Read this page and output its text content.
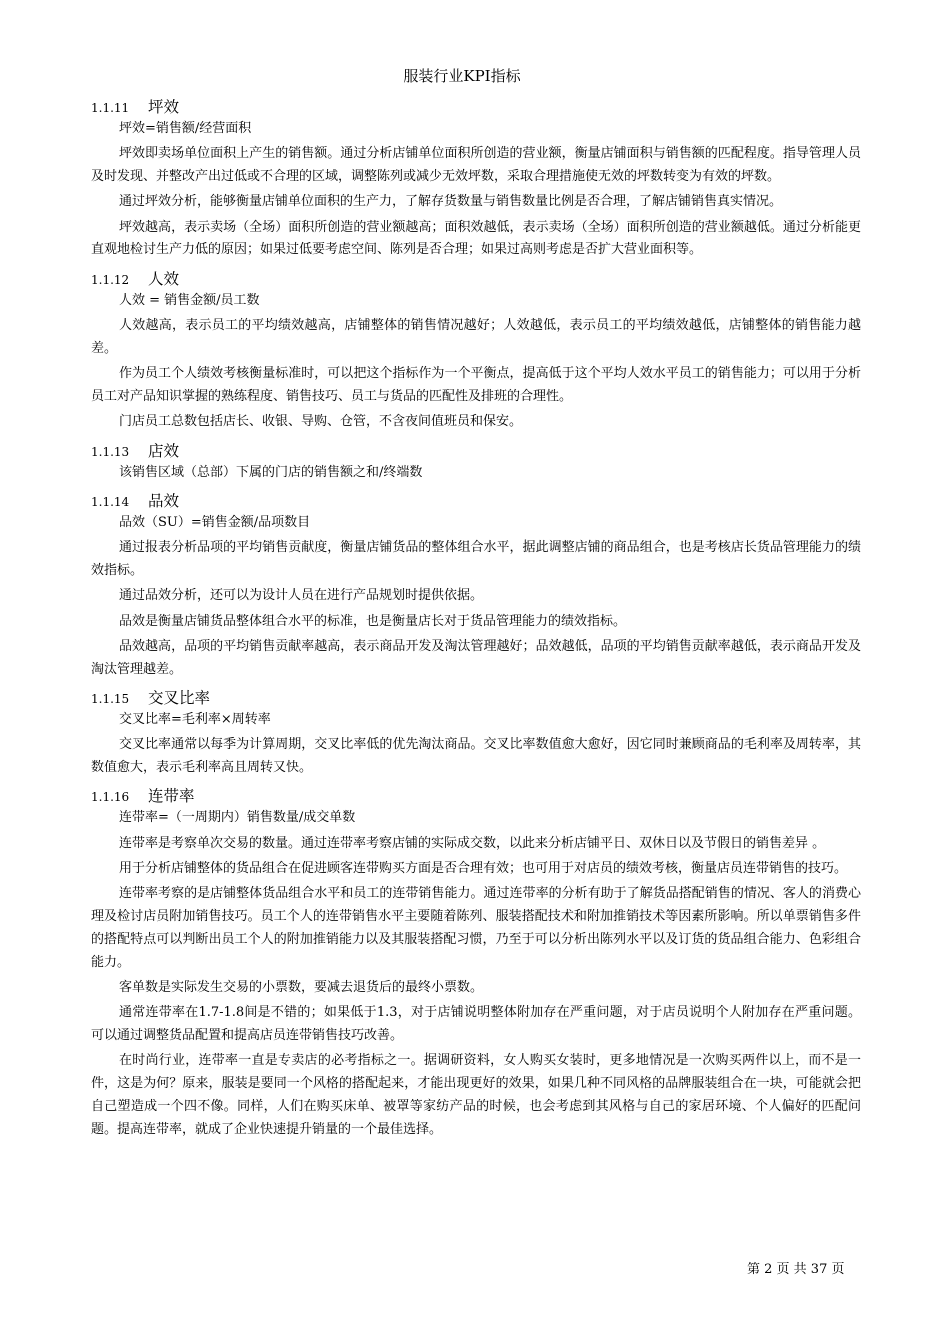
服装行业KPI指标
1.1.11	坪效

坪效=销售额/经营面积

坪效即卖场单位面积上产生的销售额。通过分析店铺单位面积所创造的营业额，衡量店铺面积与销售额的匹配程度。指导管理人员及时发现、并整改产出过低或不合理的区域，调整陈列或减少无效坪数，采取合理措施使无效的坪数转变为有效的坪数。

通过坪效分析，能够衡量店铺单位面积的生产力，了解存货数量与销售数量比例是否合理，了解店铺销售真实情况。

坪效越高，表示卖场（全场）面积所创造的营业额越高；面积效越低，表示卖场（全场）面积所创造的营业额越低。通过分析能更直观地检讨生产力低的原因；如果过低要考虑空间、陈列是否合理；如果过高则考虑是否扩大营业面积等。

1.1.12	人效

人效 = 销售金额/员工数

人效越高，表示员工的平均绩效越高，店铺整体的销售情况越好；人效越低，表示员工的平均绩效越低，店铺整体的销售能力越差。

作为员工个人绩效考核衡量标准时，可以把这个指标作为一个平衡点，提高低于这个平均人效水平员工的销售能力；可以用于分析员工对产品知识掌握的熟练程度、销售技巧、员工与货品的匹配性及排班的合理性。

门店员工总数包括店长、收银、导购、仓管，不含夜间值班员和保安。

1.1.13	店效

该销售区域（总部）下属的门店的销售额之和/终端数

1.1.14	品效

品效（SU）=销售金额/品项数目

通过报表分析品项的平均销售贡献度，衡量店铺货品的整体组合水平，据此调整店铺的商品组合，也是考核店长货品管理能力的绩效指标。

通过品效分析，还可以为设计人员在进行产品规划时提供依据。

品效是衡量店铺货品整体组合水平的标准，也是衡量店长对于货品管理能力的绩效指标。

品效越高，品项的平均销售贡献率越高，表示商品开发及淘汰管理越好；品效越低，品项的平均销售贡献率越低，表示商品开发及淘汰管理越差。

1.1.15	交叉比率

交叉比率=毛利率×周转率

交叉比率通常以每季为计算周期，交叉比率低的优先淘汰商品。交叉比率数值愈大愈好，因它同时兼顾商品的毛利率及周转率，其数值愈大，表示毛利率高且周转又快。

1.1.16	连带率

连带率=（一周期内）销售数量/成交单数

连带率是考察单次交易的数量。通过连带率考察店铺的实际成交数，以此来分析店铺平日、双休日以及节假日的销售差异 。

用于分析店铺整体的货品组合在促进顾客连带购买方面是否合理有效；也可用于对店员的绩效考核，衡量店员连带销售的技巧。

连带率考察的是店铺整体货品组合水平和员工的连带销售能力。通过连带率的分析有助于了解货品搭配销售的情况、客人的消费心理及检讨店员附加销售技巧。员工个人的连带销售水平主要随着陈列、服装搭配技术和附加推销技术等因素所影响。所以单票销售多件的搭配特点可以判断出员工个人的附加推销能力以及其服装搭配习惯，乃至于可以分析出陈列水平以及订货的货品组合能力、色彩组合能力。

客单数是实际发生交易的小票数，要减去退货后的最终小票数。

通常连带率在1.7-1.8间是不错的；如果低于1.3，对于店铺说明整体附加存在严重问题，对于店员说明个人附加存在严重问题。可以通过调整货品配置和提高店员连带销售技巧改善。

在时尚行业，连带率一直是专卖店的必考指标之一。据调研资料，女人购买女装时，更多地情况是一次购买两件以上，而不是一件，这是为何？原来，服装是要同一个风格的搭配起来，才能出现更好的效果，如果几种不同风格的品牌服装组合在一块，可能就会把自己塑造成一个四不像。同样，人们在购买床单、被罩等家纺产品的时候，也会考虑到其风格与自己的家居环境、个人偏好的匹配问题。提高连带率，就成了企业快速提升销量的一个最佳选择。

第 2 页 共 37 页
